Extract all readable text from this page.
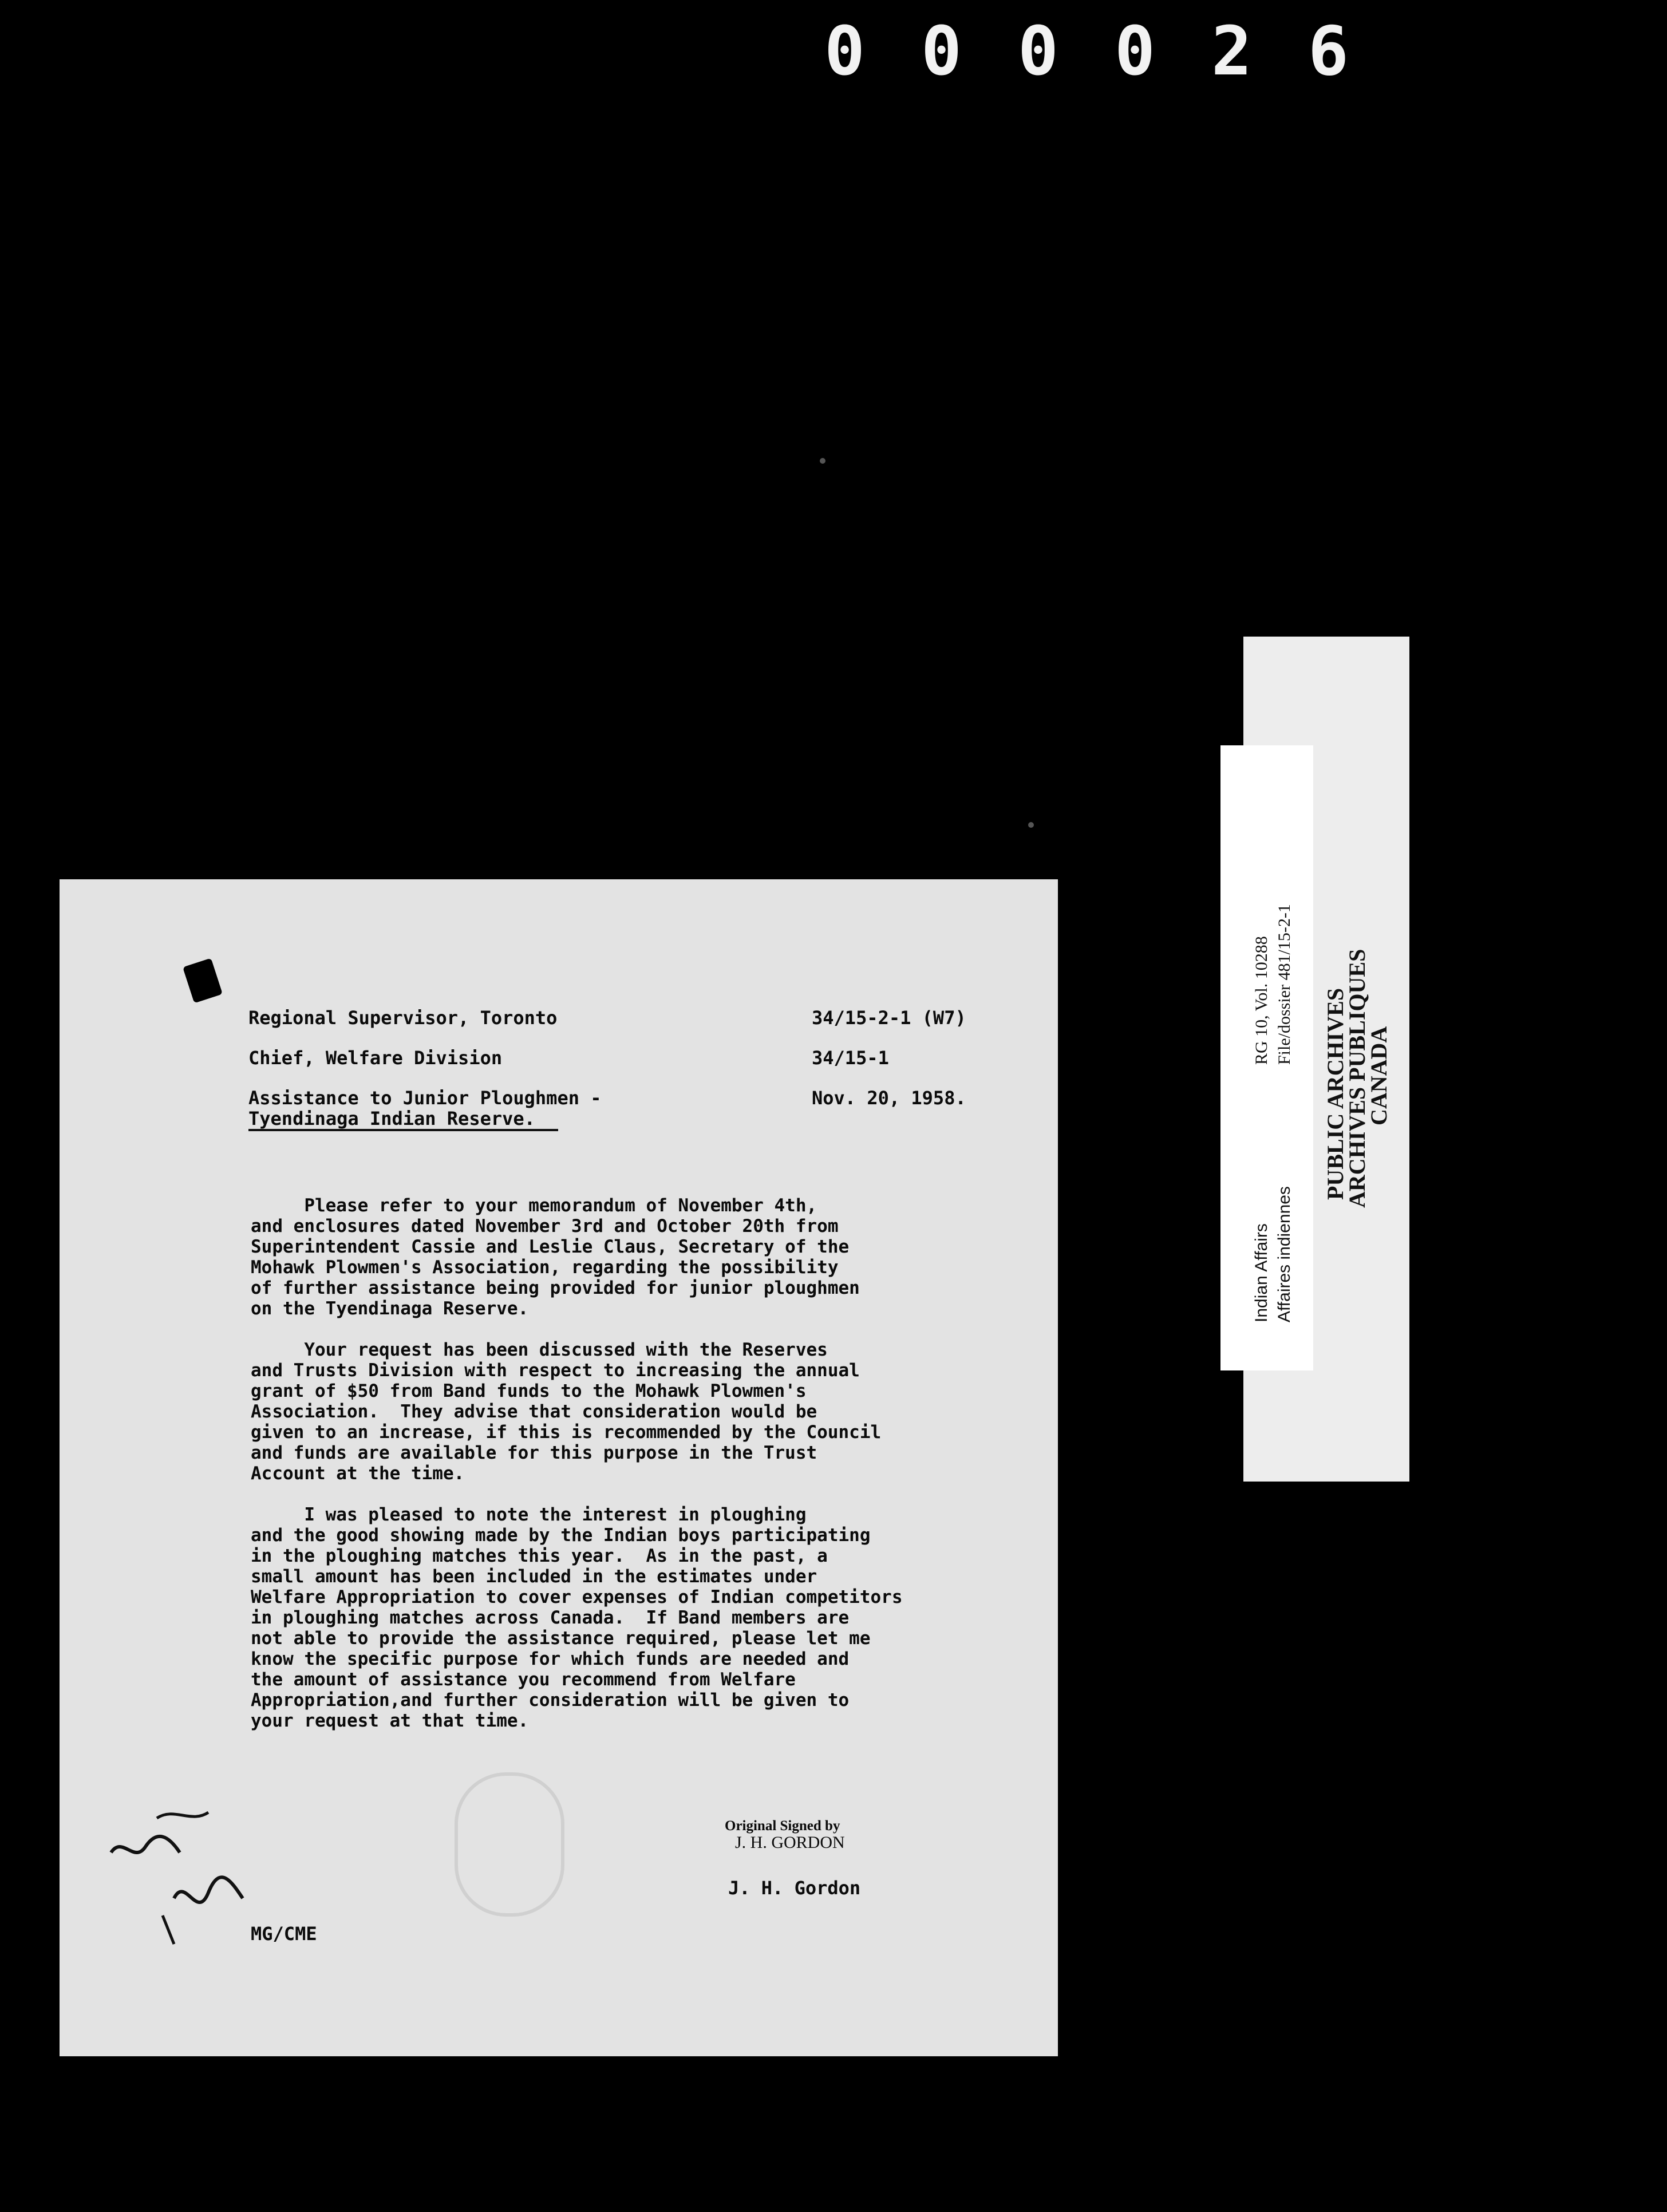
0 0 0 0 2 6
Indian Affairs Affaires indiennes
RG 10, Vol. 10288 File/dossier 481/15-2-1
PUBLIC ARCHIVES
ARCHIVES PUBLIQUES
CANADA
Regional Supervisor, Toronto	34/15-2-1 (W7)
Chief, Welfare Division	34/15-1
Assistance to Junior Ploughmen -
Tyendinaga Indian Reserve.
Nov. 20, 1958.

Please refer to your memorandum of November 4th,
and enclosures dated November 3rd and October 20th from
Superintendent Cassie and Leslie Claus, Secretary of the
Mohawk Plowmen's Association, regarding the possibility
of further assistance being provided for junior ploughmen
on the Tyendinaga Reserve.

Your request has been discussed with the Reserves
and Trusts Division with respect to increasing the annual
grant of $50 from Band funds to the Mohawk Plowmen's
Association.  They advise that consideration would be
given to an increase, if this is recommended by the Council
and funds are available for this purpose in the Trust
Account at the time.

I was pleased to note the interest in ploughing
and the good showing made by the Indian boys participating
in the ploughing matches this year.  As in the past, a
small amount has been included in the estimates under
Welfare Appropriation to cover expenses of Indian competitors
in ploughing matches across Canada.  If Band members are
not able to provide the assistance required, please let me
know the specific purpose for which funds are needed and
the amount of assistance you recommend from Welfare
Appropriation,and further consideration will be given to
your request at that time.

Original Signed by
J. H. GORDON
J. H. Gordon
MG/CME
